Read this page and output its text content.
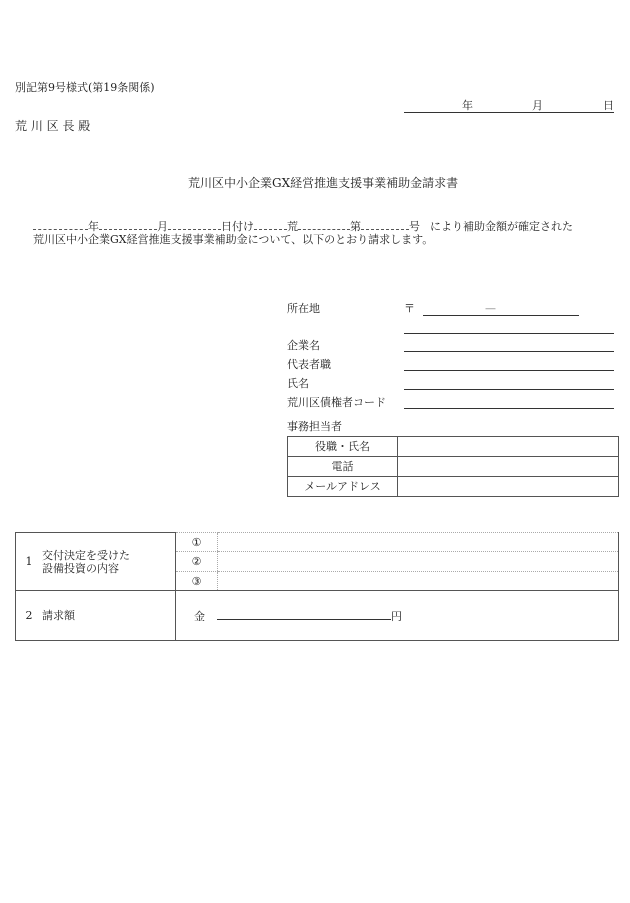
別記第9号様式(第19条関係)
年	月	日
荒 川 区 長 殿
荒川区中小企業GX経営推進支援事業補助金請求書
年	月	日付け	荒	第	号 により補助金額が確定された
荒川区中小企業GX経営推進支援事業補助金について、以下のとおり請求します。
所在地	〒	—
企業名
代表者職
氏名
荒川区債権者コード
事務担当者
役職・氏名	
電話	
メールアドレス	
1 交付決定を受けた
設備投資の内容	①	
	②	
	③	
2 請求額	金 円	
